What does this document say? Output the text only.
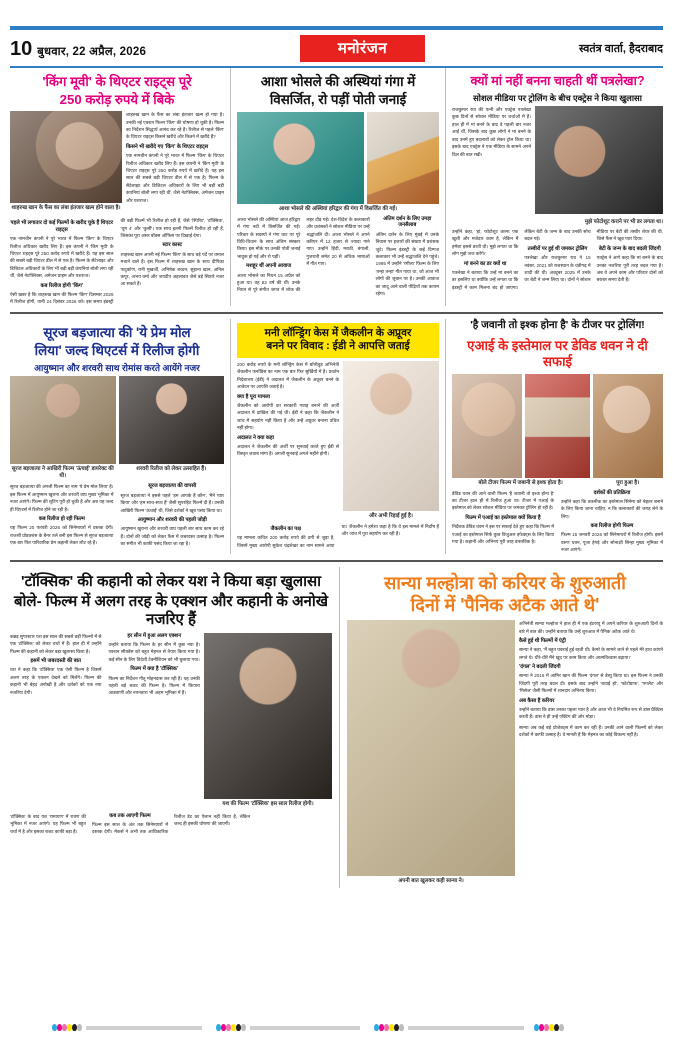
10 बुधवार, 22 अप्रैल, 2026	मनोरंजन	स्वतंत्र वार्ता, हैदराबाद
'किंग मूवी' के थिएटर राइट्स पूरे
250 करोड़ रुपये में बिके
शाहरुख खान के फैंस का लंबा इंतजार खत्म होने वाला है।
शाहरुख खान के फैंस का लंबा इंतजार खत्म हो गया है। उनकी नई एक्शन फिल्म 'किंग' की घोषणा हो चुकी है। फिल्म का निर्देशन सिद्धार्थ आनंद कर रहे हैं। रिलीज से पहले 'किंग' के थिएटर राइट्स किसने खरीदे और कितने में खरीदे हैं?
किसने भी खरीदे गए 'किंग' के थिएटर राइट्स
एक नामचीन कंपनी ने पूरे भारत में फिल्म 'किंग' के थिएटर रिलीज अधिकार खरीद लिए हैं। इस कंपनी ने 'किंग मूवी' के थिएटर राइट्स पूरे 250 करोड़ रुपये में खरीदे हैं। यह इस साल की सबसे बड़ी थिएटर डील में से एक है। फिल्म के सैटेलाइट और डिजिटल अधिकारों के लिए भी बड़ी बड़ी कंपनियां बोली लगा रही थीं, जैसे नेटफ्लिक्स, अमेजन प्राइम और यशराज।
पहले भी लगातार दो कई फिल्मों के खरीद चुके हैं थिएटर राइट्स
एक नामचीन कंपनी ने पूरे भारत में फिल्म 'किंग' के थिएटर रिलीज अधिकार खरीद लिए हैं। इस कंपनी ने 'किंग मूवी' के थिएटर राइट्स पूरे 250 करोड़ रुपये में खरीदे हैं। यह इस साल की सबसे बड़ी थिएटर डील में से एक है। फिल्म के सैटेलाइट और डिजिटल अधिकारों के लिए भी बड़ी बड़ी कंपनियां बोली लगा रही थीं, जैसे नेटफ्लिक्स, अमेजन प्राइम और यशराज।
कब रिलीज होगी 'किंग'
ऐसी खबर है कि शाहरुख खान की फिल्म 'किंग' दिसम्बर 2026 में रिलीज होगी, यानी 24 दिसंबर 2026 को। इस समय इंडस्ट्री की बड़ी फिल्में भी रिलीज हो रही हैं, जैसे 'स्पिरिट', 'टॉक्सिक', 'धूम 4' और 'कुर्सी'। एक साथ इतनी फिल्में रिलीज हो रही हैं, जिसका पूरा असर बॉक्स ऑफिस पर दिखाई देगा।
स्टार कास्ट
शाहरुख खान अपनी नई फिल्म 'किंग' के साथ बड़े पर्दे पर धमाल मचाने वाले हैं। इस फिल्म में शाहरुख खान के साथ दीपिका पादुकोण, रानी मुखर्जी, अभिषेक बच्चन, सुहाना खान, अनिल कपूर, अभय वर्मा और जयदीप अहलावत जैसे बड़े सितारे नजर आ सकते हैं।
आशा भोसले की अस्थियां गंगा में
विसर्जित, रो पड़ीं पोती जनाई
आशा भोसले की अस्थियां हरिद्वार की गंगा में विसर्जित की गईं।
आशा भोसले की अस्थियां आज हरिद्वार में गंगा नदी में विसर्जित की गईं। परिवार के सदस्यों ने गंगा घाट पर पूरे विधि-विधान के साथ अंतिम संस्कार किया। इस मौके पर उनकी पोती जनाई भावुक हो गईं और रो पड़ीं।
मशहूर थीं अपनी आवाज
आशा भोसले का निधन 15 अप्रैल को हुआ था। वह 92 वर्ष की थीं। उनके निधन से पूरे संगीत जगत में शोक की लहर दौड़ गई। देश-विदेश के कलाकारों और प्रशंसकों ने सोशल मीडिया पर उन्हें श्रद्धांजलि दी। आशा भोसले ने अपने करियर में 12 हजार से ज्यादा गाने गाए। उन्होंने हिंदी, मराठी, बंगाली, गुजराती समेत 20 से अधिक भाषाओं में गीत गाए।
अंतिम दर्शन के लिए उमड़ा जनसैलाब
अंतिम दर्शन के लिए मुंबई में उनके निवास पर हजारों की संख्या में प्रशंसक जुटे। फिल्म इंडस्ट्री के कई दिग्गज कलाकार भी उन्हें श्रद्धांजलि देने पहुंचे। 1995 में उन्होंने 'रंगीला' फिल्म के लिए 'तन्हा तन्हा' गीत गाया था, जो आज भी लोगों की जुबान पर है। उनकी आवाज का जादू आने वाली पीढ़ियों तक कायम रहेगा।
क्यों मां नहीं बनना चाहती थीं पत्रलेखा?
सोशल मीडिया पर ट्रोलिंग के बीच एक्ट्रेस ने किया खुलासा
राजकुमार राव की पत्नी और एक्ट्रेस पत्रलेखा कुछ दिनों से सोशल मीडिया पर चर्चाओं में हैं। हाल ही में मां बनने के बाद वे पहली बार नजर आईं थीं, जिसके बाद कुछ लोगों ने मां बनने के बाद उनमें हुए बदलावों को लेकर ट्रोल किया था। इसके बाद एक्ट्रेस ने एक मीडिया के सामने अपने दिल की बात रखी।
मुझे फोटोशूट कराने पर भी डर लगता था।
उन्होंने कहा, 'हां, फोटोशूट करना एक खुशी और मजेदार काम है, लेकिन मैं हमेशा इससे डरती थी। मुझे लगता था कि लोग मुझे जज करेंगे।'
मां बनने का डर क्यों था
पत्रलेखा ने बताया कि उन्हें मां बनने का डर इसलिए था क्योंकि उन्हें लगता था कि इंडस्ट्री में काम मिलना बंद हो जाएगा। लेकिन बेटी के जन्म के बाद उनकी सोच बदल गई।
तस्वीरों पर हुई थी जमकर ट्रोलिंग
पत्रलेखा और राजकुमार राव ने 15 नवंबर, 2021 को राजस्थान के चंडीगढ़ में शादी की थी। अक्टूबर 2025 में उनके घर बेटी ने जन्म लिया था। दोनों ने सोशल मीडिया पर बेटी की तस्वीर शेयर की थी, जिसे फैंस ने खूब प्यार दिया।
बेटी के जन्म के बाद बदली जिंदगी
एक्ट्रेस ने आगे कहा कि मां बनने के बाद उनका नजरिया पूरी तरह बदल गया है। अब वे अपने काम और परिवार दोनों को बराबर समय देती हैं।
सूरज बड़जात्या की 'ये प्रेम मोल
लिया' जल्द थिएटर्स में रिलीज होगी
आयुष्मान और शरवरी साथ रोमांस करते आयेंगे नजर
सूरज बड़जात्या ने आखिरी फिल्म 'ऊंचाई' डायरेक्ट की थी।
शरवरी रिलीज को लेकर उत्साहित हैं।
सूरज बड़जात्या की अगली फिल्म का नाम 'ये प्रेम मोल लिया' है। इस फिल्म में आयुष्मान खुराना और शरवरी वाघ मुख्य भूमिका में नजर आएंगे। फिल्म की शूटिंग पूरी हो चुकी है और अब यह जल्द ही थिएटर्स में रिलीज होने जा रही है।
कब रिलीज हो रही फिल्म
यह फिल्म 20 फरवरी 2026 को सिनेमाघरों में दस्तक देगी। राजश्री प्रोडक्शंस के बैनर तले बनी इस फिल्म से सूरज बड़जात्या एक बार फिर पारिवारिक प्रेम कहानी लेकर लौट रहे हैं।
सूरज बड़जात्या की वापसी
सूरज बड़जात्या ने इससे पहले 'हम आपके हैं कौन', 'मैंने प्यार किया' और 'हम साथ-साथ हैं' जैसी सुपरहिट फिल्में दी हैं। उनकी आखिरी फिल्म 'ऊंचाई' थी, जिसे दर्शकों ने खूब पसंद किया था।
आयुष्मान और शरवरी की पहली जोड़ी
आयुष्मान खुराना और शरवरी वाघ पहली बार साथ काम कर रहे हैं। दोनों की जोड़ी को लेकर फैंस में जबरदस्त उत्साह है। फिल्म का संगीत भी काफी पसंद किया जा रहा है।
मनी लॉन्ड्रिंग केस में जैकलीन के अप्रूवर
बनने पर विवाद : ईडी ने आपत्ति जताई
और अभी रिहाई हुई है।
200 करोड़ रुपये के मनी लॉन्ड्रिंग केस में बॉलीवुड अभिनेत्री जैकलीन फर्नांडिस का नाम एक बार फिर सुर्खियों में है। प्रवर्तन निदेशालय (ईडी) ने अदालत में जैकलीन के अप्रूवर बनने के आवेदन पर आपत्ति जताई है।
क्या है पूरा मामला
जैकलीन को आरोपी का सरकारी गवाह बनाने की अर्जी अदालत में दाखिल की गई थी। ईडी ने कहा कि जैकलीन ने जांच में सहयोग नहीं किया है और उन्हें अप्रूवर बनाना उचित नहीं होगा।
अदालत ने क्या कहा
अदालत ने जैकलीन की अर्जी पर सुनवाई करते हुए ईडी से विस्तृत जवाब मांगा है। अगली सुनवाई अगले महीने होगी।
जैकलीन का पक्ष
यह मामला कथित 200 करोड़ रुपये की ठगी से जुड़ा है, जिसमें मुख्य आरोपी सुकेश चंद्रशेखर का नाम सामने आया था। जैकलीन ने हमेशा कहा है कि वे इस मामले में निर्दोष हैं और जांच में पूरा सहयोग कर रही हैं।
'है जवानी तो इश्क होना है' के टीजर पर ट्रोलिंग!
एआई के इस्तेमाल पर डेविड धवन ने दी सफाई
बोले टीजर फिल्म में जबानी से इश्क होता है।	पूरा हुआ है।
डेविड धवन की आने वाली फिल्म 'है जवानी तो इश्क होना है' का टीजर हाल ही में रिलीज हुआ था। टीजर में एआई के इस्तेमाल को लेकर सोशल मीडिया पर जमकर ट्रोलिंग हो रही है।
फिल्म में एआई का इस्तेमाल क्यों किया है
निर्देशक डेविड धवन ने इस पर सफाई देते हुए कहा कि फिल्म में एआई का इस्तेमाल सिर्फ कुछ विजुअल इफेक्ट्स के लिए किया गया है। कहानी और अभिनय पूरी तरह वास्तविक है।
दर्शकों की प्रतिक्रिया
उन्होंने कहा कि तकनीक का इस्तेमाल सिनेमा को बेहतर बनाने के लिए किया जाना चाहिए, न कि कलाकारों की जगह लेने के लिए।
कब रिलीज होगी फिल्म
फिल्म 15 जनवरी 2026 को सिनेमाघरों में रिलीज होगी। इसमें वरुण धवन, पूजा हेगड़े और सोनाक्षी सिन्हा मुख्य भूमिका में नजर आएंगे।
'टॉक्सिक' की कहानी को लेकर यश ने किया बड़ा खुलासा
बोले- फिल्म में अलग तरह के एक्शन और कहानी के अनोखे नजरिए हैं
यश की फिल्म 'टॉक्सिक' इस साल रिलीज होगी।
कन्नड़ सुपरस्टार यश इस साल की सबसे बड़ी फिल्मों में से एक 'टॉक्सिक' को लेकर चर्चा में हैं। हाल ही में उन्होंने फिल्म की कहानी को लेकर बड़ा खुलासा किया है।
इसमें भी जबरदस्ती की बात
यश ने कहा कि 'टॉक्सिक' एक ऐसी फिल्म है जिसमें अलग तरह के एक्शन देखने को मिलेंगे। फिल्म की कहानी भी बेहद अनोखी है और दर्शकों को एक नया नजरिया देगी।
हर सीन में हुआ अलग एक्शन
उन्होंने बताया कि फिल्म के हर सीन में कुछ नया है। एक्शन सीक्वेंस को बहुत मेहनत से तैयार किया गया है। कई सीन के लिए विदेशी टेक्नीशियन को भी बुलाया गया।
फिल्म में क्या है 'टॉक्सिक'
फिल्म का निर्देशन गीतू मोहनदास कर रही हैं। यह उनकी पहली बड़े बजट की फिल्म है। फिल्म में कियारा आडवाणी और नयनतारा भी अहम भूमिका में हैं।
'टॉक्सिक' के बाद यश 'रामायण' में रावण की भूमिका में नजर आएंगे। यह फिल्म भी बहुत चर्चा में है और इसका बजट काफी बड़ा है।
कब तक आएगी फिल्म
फिल्म इस साल के अंत तक सिनेमाघरों में दस्तक देगी। मेकर्स ने अभी तक आधिकारिक रिलीज डेट का ऐलान नहीं किया है, लेकिन जल्द ही इसकी घोषणा की जाएगी।
सान्या मल्होत्रा को करियर के शुरुआती
दिनों में 'पैनिक अटैक आते थे'
अपनी बात खुलकर कही सान्या ने।
अभिनेत्री सान्या मल्होत्रा ने हाल ही में एक इंटरव्यू में अपने करियर के शुरुआती दिनों के बारे में बात की। उन्होंने बताया कि उन्हें शुरुआत में पैनिक अटैक आते थे।
कैसे हुई थी फिल्मों में एंट्री
सान्या ने कहा, 'मैं बहुत घबराई हुई रहती थी। कैमरे के सामने जाने से पहले मेरे हाथ कांपने लगते थे। धीरे-धीरे मैंने खुद पर काम किया और आत्मविश्वास बढ़ाया।'
'दंगल' ने बदली जिंदगी
सान्या ने 2016 में आमिर खान की फिल्म 'दंगल' से डेब्यू किया था। इस फिल्म ने उनकी जिंदगी पूरी तरह बदल दी। इसके बाद उन्होंने 'बधाई हो', 'फोटोग्राफ', 'पगलैट' और 'मिसेज' जैसी फिल्मों में शानदार अभिनय किया।
अब कैसा है करियर
उन्होंने बताया कि डांस उनका पहला प्यार है और आज भी वे नियमित रूप से डांस प्रैक्टिस करती हैं। डांस ने ही उन्हें एक्टिंग की ओर मोड़ा।
सान्या अब कई बड़े प्रोजेक्ट्स में काम कर रही हैं। उनकी आने वाली फिल्मों को लेकर दर्शकों में काफी उत्साह है। वे मानती हैं कि मेहनत का कोई विकल्प नहीं है।
